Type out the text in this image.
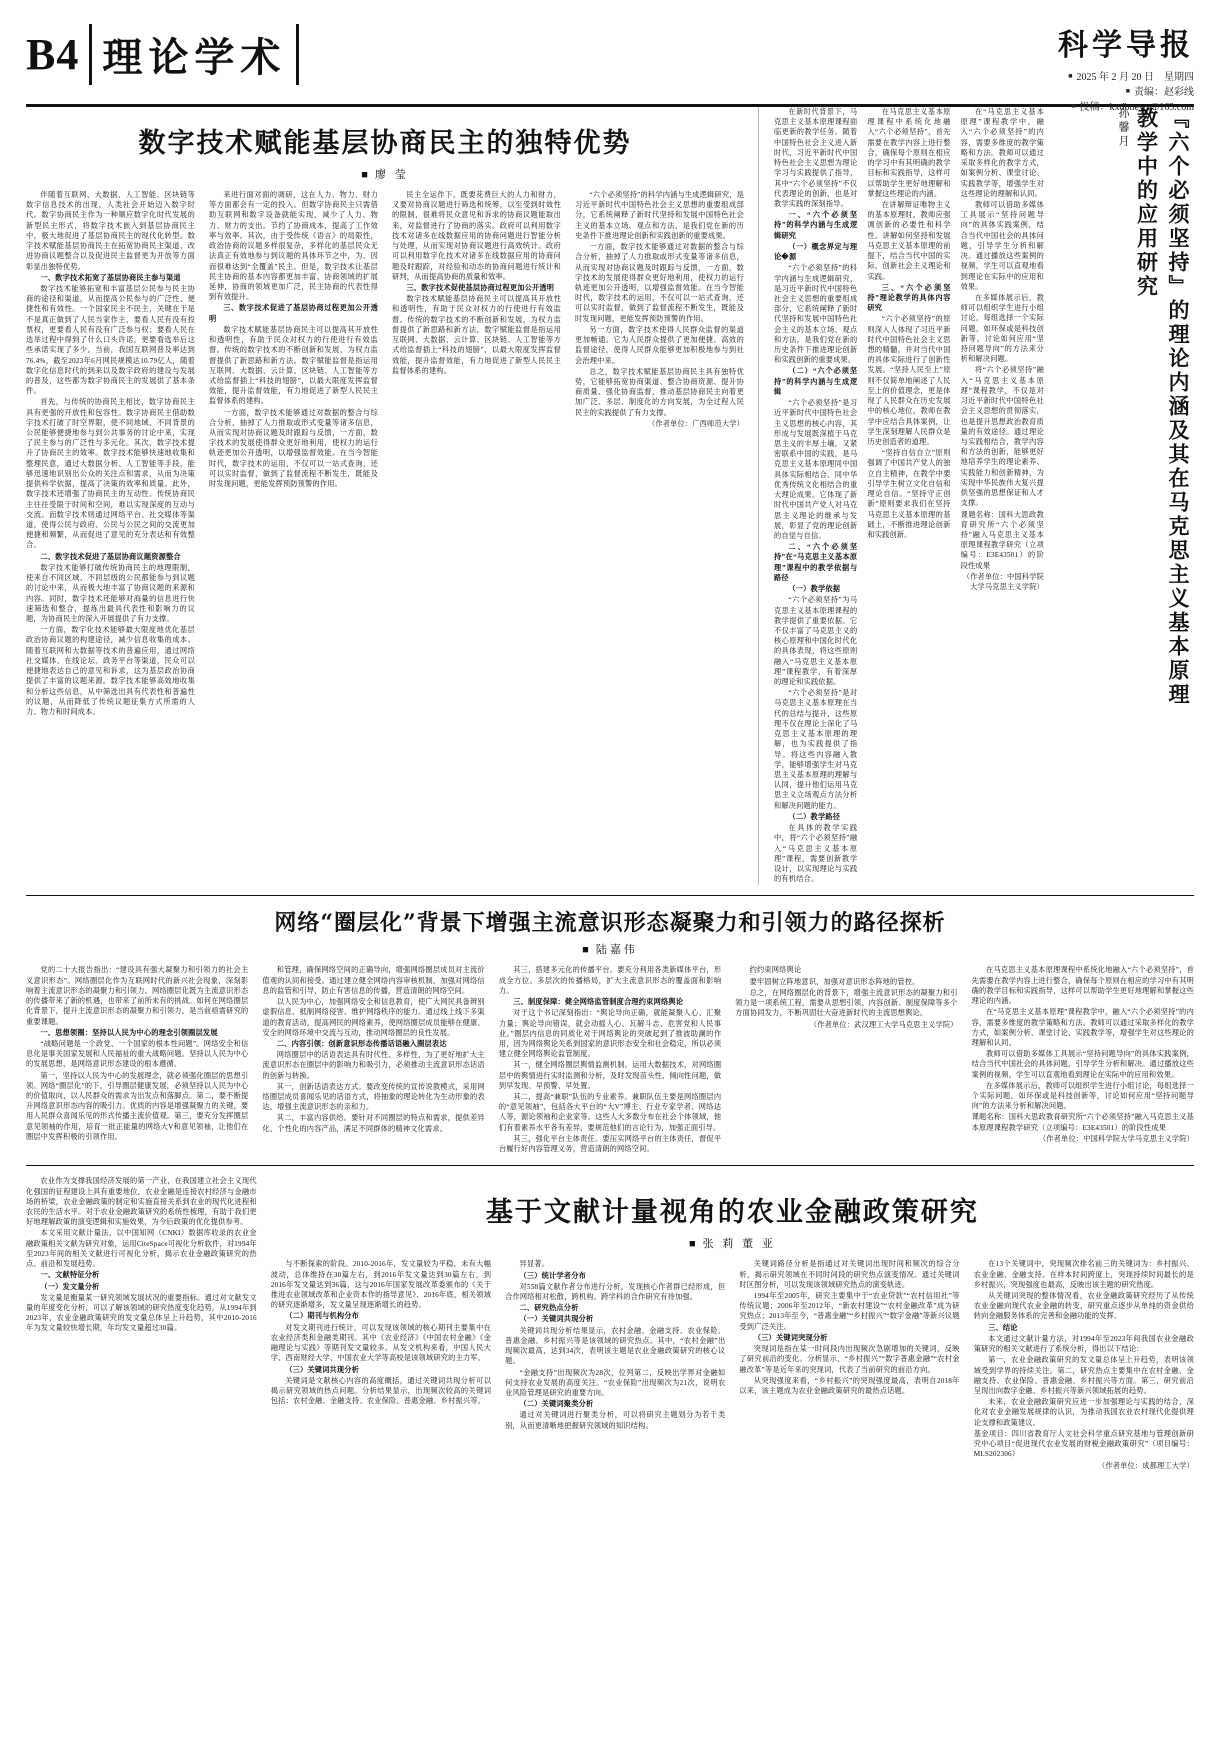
B4 理论学术	科学导报
■ 2025 年 2 月 20 日　星期四
■ 责编：赵彩线
■ 投稿：kxdbnews@163.com
数字技术赋能基层协商民主的独特优势
■ 廖 莹

伴随着互联网、大数据、人工智能、区块链等数字信息技术的出现，人类社会开始迈入数字时代。数字协商民主作为一种顺应数字化时代发展的新型民主形式，将数字技术嵌入到基层协商民主中，极大地促进了基层协商民主的现代化转型。数字技术赋能基层协商民主在拓宽协商民主渠道、改进协商议题整合以及促进民主监督更为开放等方面彰显出独特优势。

一、数字技术拓宽了基层协商民主参与渠道

数字技术能够拓宽和丰富基层公民参与民主协商的途径和渠道，从而提高公民参与的广泛性、便捷性和有效性。一个国家民主不民主，关键在于是不是真正做到了人民当家作主，要看人民有没有投票权，更要看人民有没有广泛参与权；要看人民在选举过程中得到了什么口头许诺，更要看选举后这些承诺实现了多少。当前，我国互联网普及率达到76.4%，截至2023年6月网民规模达10.79亿人，随着数字化信息时代的到来以及数字政府的建设与发展的普及，这些都为数字协商民主的发展供了基本条件。

首先，与传统的协商民主相比，数字协商民主具有更强的开放性和包容性。数字协商民主借助数字技术打破了时空界限，使不同地域、不同背景的公民能够便捷地参与到公共事务的讨论中来，实现了民主参与的广泛性与多元化。其次，数字技术提升了协商民主的效率。数字技术能够快速地收集和整理民意，通过大数据分析、人工智能等手段，能够迅速地识别出公众的关注点和需求，从而为决策提供科学依据，提高了决策的效率和质量。此外，数字技术还增强了协商民主的互动性。传统协商民主往往受限于时间和空间，难以实现深度的互动与交流。而数字技术则通过网络平台、社交媒体等渠道，使得公民与政府、公民与公民之间的交流更加便捷和频繁，从而促进了意见的充分表达和有效整合。

二、数字技术促进了基层协商议题资源整合

数字技术能够打破传统协商民主的地理限制，使来自不同区域、不同层级的公民都能参与到议题的讨论中来，从而极大地丰富了协商议题的来源和内容。同时，数字技术还能够对海量的信息进行快速筛选和整合，提炼出最具代表性和影响力的议题，为协商民主的深入开展提供了有力支撑。

一方面，数字化技术能够最大限度地优化基层政治协商议题的构建途径，减少信息收集的成本。随着互联网和大数据等技术的普遍应用，通过网络社交媒体、在线论坛、政务平台等渠道，民众可以便捷地表达自己的意见和诉求，这为基层政治协商提供了丰富的议题来源。数字技术能够高效地收集和分析这些信息，从中筛选出具有代表性和普遍性的议题，从而降低了传统议题征集方式所需的人力、物力和时间成本。

来进行面对面的调研，这在人力、物力、财力等方面都会有一定的投入。但数字协商民主只需借助互联网和数字设备就能实现，减少了人力、物力、财力的支出。节约了协商成本，提高了工作效率与效率。其次，由于受传统《语言》的局限性，政治协商的议题多样很复杂，多样化的基层民众无法真正有效地参与到议题的具体环节之中，为、因而很难达到“全覆盖”民主。但是，数字技术让基层民主协商的基本内容都更加丰富、协商领域的扩展延伸，协商的领域更加广泛，民主协商的代表性得到有效提升。

三、数字技术促进了基层协商过程更加公开透明

数字技术赋能基层协商民主可以提高其开放性和透明性，有助于民众对权力的行使进行有效监督。传统的数字技术的不断创新和发展，为权力监督提供了新思路和新方法。数字赋能监督是指运用互联网、大数据、云计算、区块链、人工智能等方式给监督插上“科技的翅膀”，以最大限度发挥监督效能，提升监督效能，有力地促进了新型人民民主监督体系的建构。

一方面，数字技术能够通过对数据的整合与综合分析，抽掉了人力推取或形式变量等诸多信息，从而实现对协商议题及时跟踪与反馈，一方面，数字技术的发展使得群众更好地利用，使权力的运行轨迹更加公开透明，以增强监督效能。在当今智能时代，数字技术的运用，不仅可以一站式查询，还可以实时监督，做到了监督流程不断发生，既能及时发现问题，更能发挥预防预警的作用。

民主全运作下，既要花费巨大的人力和财力，又要对协商议题进行筛选和统筹，以至受到时效性的限制，很难将民众意见和诉求的协商议题能取出来，对监督进行了协商的落实。政府可以利用数字技术对诸多在线数据应用的协商问题进行智能分析与处理，从而实现对协商议题进行高效统计。政府可以利用数字化技术对诸多在线数据应用的协商问题及时跟踪，对经验和动态的协商问题进行统计和研判，从而提高协商的质量和效率。

三、数字技术促使基层协商过程更加公开透明

数字技术赋能基层协商民主可以提高其开放性和透明性，有助于民众对权力的行使进行有效监督。传统的数字技术的不断创新和发展，为权力监督提供了新思路和新方法，数字赋能监督是指运用互联网、大数据、云计算、区块链、人工智能等方式给监督插上“科技的翅膀”，以最大限度发挥监督效能，提升监督效能，有力地促进了新型人民民主监督体系的建构。

“六个必须坚持”的科学内涵与生成逻辑研究，是习近平新时代中国特色社会主义思想的重要组成部分，它系统阐释了新时代坚持和发展中国特色社会主义的基本立场、观点和方法，是我们党在新的历史条件下推进理论创新和实践创新的重要成果。

一方面，数字技术能够通过对数据的整合与综合分析，抽掉了人力推取或形式变量等诸多信息，从而实现对协商议题及时跟踪与反馈，一方面，数字技术的发展使得群众更好地利用，使权力的运行轨迹更加公开透明，以增强监督效能。在当今智能时代，数字技术的运用，不仅可以一站式查询，还可以实时监督，做到了监督流程不断发生，既能及时发现问题，更能发挥预防预警的作用。

另一方面，数字技术使得人民群众监督的渠道更加畅通。它为人民群众提供了更加便捷、高效的监督途径，使得人民群众能够更加积极地参与到社会治理中来。

总之，数字技术赋能基层协商民主具有独特优势，它能够拓宽协商渠道、整合协商资源、提升协商质量、强化协商监督，推动基层协商民主向着更加广泛、多层、制度化的方向发展，为全过程人民民主的实践提供了有力支撑。

（作者单位：广西师范大学）

在新时代背景下，马克思主义基本原理课程面临更新的教学任务。随着中国特色社会主义进入新时代，习近平新时代中国特色社会主义思想为理论学习与实践提供了指导，其中“六个必须坚持”不仅代表理论的创新，也是对教学实践的深刻指导。

一、“六个必须坚持”的科学内涵与生成逻辑研究

（一）概念界定与理论�源

“六个必须坚持”的科学内涵与生成逻辑研究，是习近平新时代中国特色社会主义思想的重要组成部分，它系统阐释了新时代坚持和发展中国特色社会主义的基本立场、观点和方法，是我们党在新的历史条件下推进理论创新和实践创新的重要成果。

（二）“六个必须坚持”的科学内涵与生成逻辑

“六个必须坚持”是习近平新时代中国特色社会主义思想的核心内容，其形成与发展既深植于马克思主义的丰厚土壤，又紧密联系中国的实践，是马克思主义基本原理同中国具体实际相结合、同中华优秀传统文化相结合的重大理论成果。它体现了新时代中国共产党人对马克思主义理论的继承与发展，彰显了党的理论创新的自觉与自信。

二、“六个必须坚持”在“马克思主义基本原理”课程中的教学依据与路径

（一）教学依据

“六个必须坚持”为马克思主义基本原理课程的教学提供了重要依据。它不仅丰富了马克思主义的核心原理和中国化时代化的具体表现，将这些原则融入“马克思主义基本原理”课程教学，有着深厚的理论和实践依据。

“六个必须坚持”是对马克思主义基本原理在当代的总结与提升，这些原理不仅在理论上深化了马克思主义基本原理的理解，也为实践提供了指导。将这些内容融入教学，能够增强学生对马克思主义基本原理的理解与认同，提升他们运用马克思主义立场观点方法分析和解决问题的能力。

（二）教学路径

在具体的教学实践中，将“六个必须坚持”融入“马克思主义基本原理”课程，需要创新教学设计，以实现理论与实践的有机结合。

在马克思主义基本原理课程中系统化地融入“六个必须坚持”，首先需要在教学内容上进行整合，确保每个原则在相应的学习中有其明确的教学目标和实践指导，这样可以帮助学生更好地理解和掌握这些理论的内涵。

在讲解辩证唯物主义的基本原理时，教师应强调创新的必要性和科学性。讲解如何坚持和发展马克思主义基本原理的前提下，结合当代中国的实际，创新社会主义理论和实践。

三、“六个必须坚持”理论教学的具体内容研究

“六个必须坚持”的原则深入人体现了习近平新时代中国特色社会主义思想的精髓，并对当代中国的具体实际进行了创新性发展。“坚持人民至上”原则不仅简单地阐述了人民至上的价值理念，更是体现了人民群众在历史发展中的核心地位，教师在教学中应结合具体案例，让学生深刻理解人民群众是历史创造者的道理。

“坚持自信自立”原则强调了中国共产党人的独立自主精神，在教学中要引导学生树立文化自信和理论自信。“坚持守正创新”原则要求我们在坚持马克思主义基本原理的基础上，不断推进理论创新和实践创新。

在“马克思主义基本原理”课程教学中，融入“六个必须坚持”的内容，需要多维度的教学策略和方法。教师可以通过采取多样化的教学方式，如案例分析、课堂讨论、实践教学等，增强学生对这些理论的理解和认同。

教师可以借助多媒体工具展示“坚持问题导向”的具体实践案例，结合当代中国社会的具体问题，引导学生分析和解决。通过播放这些案例的视频，学生可以直观地看到理论在实际中的应用和效果。

在多媒体展示后，教师可以组织学生进行小组讨论，每组选择一个实际问题，如环保或是科技创新等，讨论如何应用“坚持问题导向”的方法来分析和解决问题。

将“六个必须坚持”融入“马克思主义基本原理”课程教学，不仅是对习近平新时代中国特色社会主义思想的贯彻落实，也是提升思想政治教育质量的有效途径。通过理论与实践相结合，教学内容和方法的创新，能够更好地培养学生的理论素养、实践能力和创新精神，为实现中华民族伟大复兴提供坚强的思想保证和人才支撑。

课题名称：国科大思政教育研究所“六个必须坚持”融入马克思主义基本原理课程教学研究（立项编号：E3E43501）的阶段性成果

（作者单位：中国科学院大学马克思主义学院）

孙馨月	『六个必须坚持』的理论内涵及其在马克思主义基本原理教学中的应用研究
网络“圈层化”背景下增强主流意识形态凝聚力和引领力的路径探析
■ 陆嘉伟

党的二十大报告指出：“建设具有强大凝聚力和引领力的社会主义意识形态”。网络圈层化作为互联网时代的新兴社会现象，深刻影响着主流意识形态的凝聚力和引领力。网络圈层化既为主流意识形态的传播带来了新的机遇，也带来了前所未有的挑战。如何在网络圈层化背景下，提升主流意识形态的凝聚力和引领力，是当前亟需研究的重要课题。

一、思想领圈：坚持以人民为中心的理念引领圈层发展

“战略问题是一个政党、一个国家的根本性问题”。网络安全和信息化是事关国家发展和人民福祉的重大战略问题。坚持以人民为中心的发展思想，是网络意识形态建设的根本遵循。

第一，坚持以人民为中心的发展理念，就必须强化圈层的思想引领。网络“圈层化”的下，引导圈层健康发展，必须坚持以人民为中心的价值取向，以人民群众的需求为出发点和落脚点。第二，要不断提升网络意识形态内容的吸引力。优质的内容是增强凝聚力的关键，要用人民群众喜闻乐见的形式传播主流价值观。第三，要充分发挥圈层意见领袖的作用，培育一批正能量的网络大V和意见领袖，让他们在圈层中发挥积极的引领作用。

和管理，确保网络空间的正确导向，增强网络圈层成员对主流价值观的认同和接受。通过建立健全网络内容审核机制，加强对网络信息的监管和引导，防止有害信息的传播，营造清朗的网络空间。

以人民为中心，加强网络安全和信息教育，使广大网民具备辨别虚假信息、抵制网络侵害、维护网络秩序的能力。通过线上线下多渠道的教育活动，提高网民的网络素养，使网络圈层成员能够在健康、安全的网络环境中交流与互动，推动网络圈层的良性发展。

二、内容引领：创新意识形态传播话语融入圈层表达

网络圈层中的话语表达具有时代性、多样性，为了更好地扩大主流意识形态在圈层中的影响力和吸引力，必须推动主流意识形态话语的创新与转换。

其一，创新话语表达方式。要改变传统的宣传说教模式，采用网络圈层成员喜闻乐见的话语方式，将抽象的理论转化为生动形象的表达，增强主流意识形态的亲和力。

其二，丰富内容供给。要针对不同圈层的特点和需求，提供差异化、个性化的内容产品，满足不同群体的精神文化需求。

其三，搭建多元化的传播平台。要充分利用各类新媒体平台，形成全方位、多层次的传播格局，扩大主流意识形态的覆盖面和影响力。

三、制度保障：健全网络监管制度合理约束网络舆论

对于这个书记深刻指出：“舆论导向正确，就能凝聚人心、汇聚力量；舆论导向错误，就会动摇人心、瓦解斗志、危害党和人民事业。”圈层内信息的同质化对于网络舆论的突破起到了推波助澜的作用，因为网络舆论关系到国家的意识形态安全和社会稳定，所以必须建立健全网络舆论监管制度。

其一，健全网络圈层舆情监测机制。运用大数据技术，对网络圈层中的舆情进行实时监测和分析，及时发现苗头性、倾向性问题，做到早发现、早预警、早处置。

其二，提高“兼职”队伍的专业素养。兼职队伍主要是网络圈层内的“意见领袖”，包括各大平台的“大V”博主、行业专家学者、网络达人等，源论领袖和企业家等。这些人大多数分布在社会个体领域，他们有着素养水平各有差异，要规范他们的言论行为，加强正面引导。

其三，强化平台主体责任。要压实网络平台的主体责任，督促平台履行好内容管理义务，营造清朗的网络空间。

约约束网络舆论

要牢固树立阵地意识，加强对意识形态阵地的管控。

总之，在网络圈层化的背景下，增强主流意识形态的凝聚力和引领力是一项系统工程，需要从思想引领、内容创新、制度保障等多个方面协同发力，不断巩固壮大奋进新时代的主流思想舆论。

（作者单位：武汉理工大学马克思主义学院）

在马克思主义基本原理课程中系统化地融入“六个必须坚持”，首先需要在教学内容上进行整合，确保每个原则在相应的学习中有其明确的教学目标和实践指导，这样可以帮助学生更好地理解和掌握这些理论的内涵。

在“马克思主义基本原理”课程教学中，融入“六个必须坚持”的内容，需要多维度的教学策略和方法。教师可以通过采取多样化的教学方式，如案例分析、课堂讨论、实践教学等，增强学生对这些理论的理解和认同。

教师可以借助多媒体工具展示“坚持问题导向”的具体实践案例，结合当代中国社会的具体问题，引导学生分析和解决。通过播放这些案例的视频，学生可以直观地看到理论在实际中的应用和效果。

在多媒体展示后，教师可以组织学生进行小组讨论，每组选择一个实际问题，如环保或是科技创新等，讨论如何应用“坚持问题导向”的方法来分析和解决问题。

课题名称：国科大思政教育研究所“六个必须坚持”融入马克思主义基本原理课程教学研究（立项编号：E3E43501）的阶段性成果

（作者单位：中国科学院大学马克思主义学院）

农业作为支撑我国经济发展的第一产业，在我国建立社会主义现代化强国的征程建设上具有重要地位，农业金融是连接农村经济与金融市场的桥梁，农业金融政策的制定和实施直接关系到农业的现代化进程和农民的生活水平。对于农业金融政策研究的系统性梳理，有助于我们更好地理解政策的演变逻辑和实施效果，为今后政策的优化提供参考。

本文采用文献计量法，以中国知网（CNKI）数据库收录的农业金融政策相关文献为研究对象，运用CiteSpace可视化分析软件，对1994年至2023年间的相关文献进行可视化分析，揭示农业金融政策研究的热点、前沿和发展趋势。

一、文献特征分析

（一）发文量分析

发文量是衡量某一研究领域发展状况的重要指标。通过对文献发文量的年度变化分析，可以了解该领域的研究热度变化趋势。从1994年到2023年，农业金融政策研究的发文量总体呈上升趋势，其中2010-2016年为发文量较快增长期，年均发文量超过30篇。

基于文献计量视角的农业金融政策研究
■ 张 莉 董 亚

与不断探索的阶段。2010-2016年，发文量较为平稳，未有大幅波动，总体维持在30篇左右，到2016年发文量达到30篇左右，到2016年发文量达到36篇，这与2016年国家发展改革委颁布的《关于推进农业领域改革和企业资本作的指导意见》、2016年底，相关领域的研究逐渐增多，发文量呈现逐渐增长的趋势。

（二）期刊与机构分布

对发文期刊进行统计，可以发现该领域的核心期刊主要集中在农业经济类和金融类期刊。其中《农业经济》《中国农村金融》《金融理论与实践》等期刊发文量较多。从发文机构来看，中国人民大学、西南财经大学、中国农业大学等高校是该领域研究的主力军。

（三）关键词共现分析

关键词是文献核心内容的高度概括，通过关键词共现分析可以揭示研究领域的热点问题。分析结果显示，出现频次较高的关键词包括：农村金融、金融支持、农业保险、普惠金融、乡村振兴等。

异显著。

（三）统计学者分布

对558篇文献作者分布进行分析，发现核心作者群已经形成，但合作网络相对松散，跨机构、跨学科的合作研究有待加强。

二、研究热点分析

（一）关键词共现分析

关键词共现分析结果显示，农村金融、金融支持、农业保险、普惠金融、乡村振兴等是该领域的研究热点。其中，“农村金融”出现频次最高，达到34次，表明该主题是农业金融政策研究的核心议题。

“金融支持”出现频次为28次，位列第二，反映出学界对金融如何支持农业发展的高度关注。“农业保险”出现频次为21次，说明农业风险管理是研究的重要方向。

（二）关键词聚类分析

通过对关键词进行聚类分析，可以将研究主题划分为若干类别，从而更清晰地把握研究领域的知识结构。

关键词路径分析是指通过对关键词出现时间和频次的综合分析，揭示研究领域在不同时间段的研究热点演变情况。通过关键词时区图分析，可以发现该领域研究热点的演变轨迹。

1994年至2005年，研究主要集中于“农业贷款”“农村信用社”等传统议题；2006年至2012年，“新农村建设”“农村金融改革”成为研究热点；2013年至今，“普惠金融”“乡村振兴”“数字金融”等新兴议题受到广泛关注。

（三）关键词突现分析

突现词是指在某一时间段内出现频次急剧增加的关键词，反映了研究前沿的变化。分析显示，“乡村振兴”“数字普惠金融”“农村金融改革”等是近年来的突现词，代表了当前研究的前沿方向。

从突现强度来看，“乡村振兴”的突现强度最高，表明自2018年以来，该主题成为农业金融政策研究的最热点话题。

在13个关键词中，突现频次排名前三的关键词为：乡村振兴、农业金融、金融支持。在样本时间跨度上，突现持续时间最长的是乡村振兴，突现强度也最高，反映出该主题的研究热度。

从关键词突现的整体情况看，农业金融政策研究经历了从传统农业金融向现代农业金融的转变，研究重点逐步从单纯的资金供给转向金融服务体系的完善和金融功能的发挥。

三、结论

本文通过文献计量方法，对1994年至2023年间我国农业金融政策研究的相关文献进行了系统分析，得出以下结论：

第一，农业金融政策研究的发文量总体呈上升趋势，表明该领域受到学界的持续关注。第二，研究热点主要集中在农村金融、金融支持、农业保险、普惠金融、乡村振兴等方面。第三，研究前沿呈现出向数字金融、乡村振兴等新兴领域拓展的趋势。

未来，农业金融政策研究应进一步加强理论与实践的结合，深化对农业金融发展规律的认识，为推动我国农业农村现代化提供理论支撑和政策建议。

基金项目：四川省教育厅人文社会科学重点研究基地与管理创新研究中心项目“促进现代农业发展的财税金融政策研究”（项目编号：MLS202306）

（作者单位：成都理工大学）
